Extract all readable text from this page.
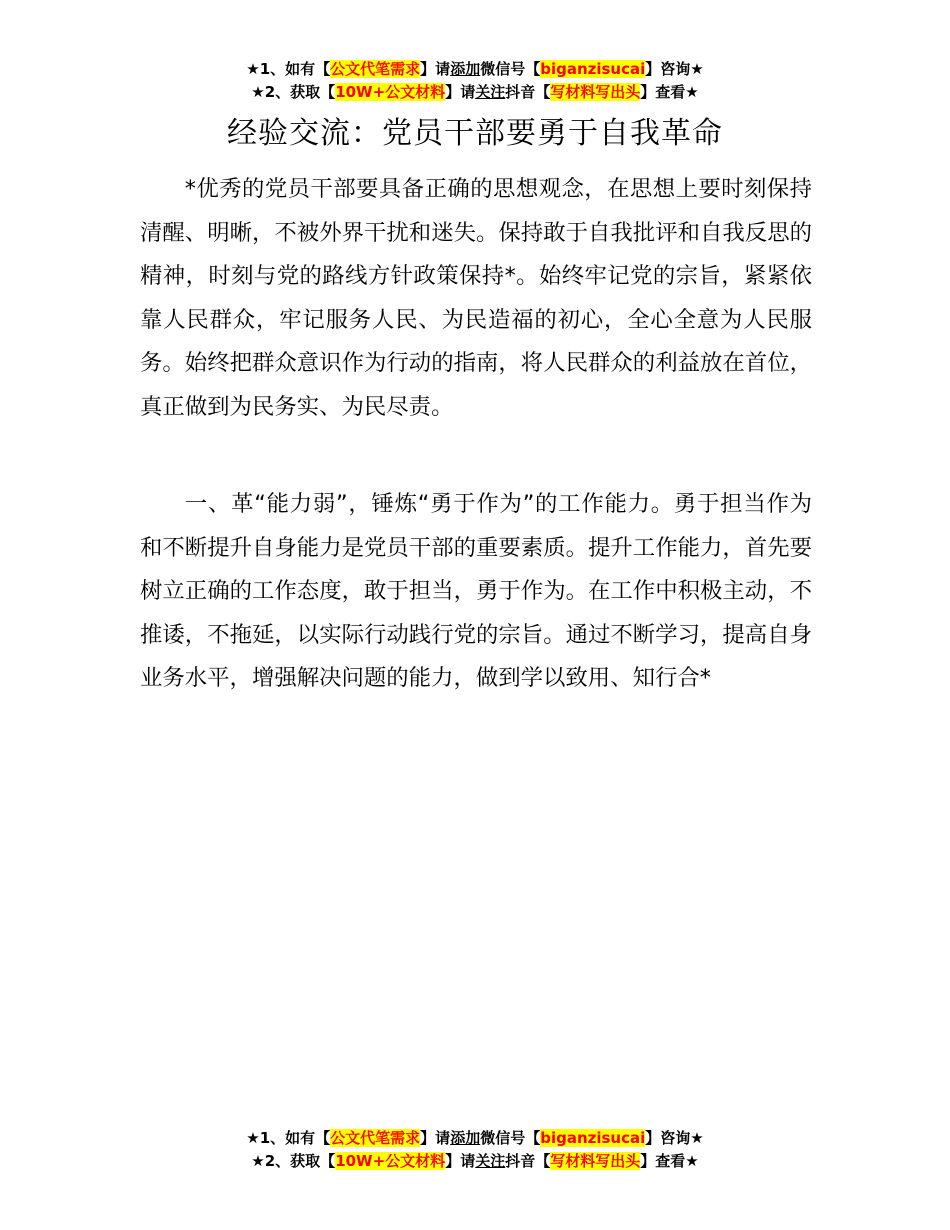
★1、如有【公文代笔需求】请添加微信号【biganzisucai】咨询★
★2、获取【10W+公文材料】请关注抖音【写材料写出头】查看★
经验交流：党员干部要勇于自我革命

*优秀的党员干部要具备正确的思想观念，在思想上要时刻保持清醒、明晰，不被外界干扰和迷失。保持敢于自我批评和自我反思的精神，时刻与党的路线方针政策保持*。始终牢记党的宗旨，紧紧依靠人民群众，牢记服务人民、为民造福的初心，全心全意为人民服务。始终把群众意识作为行动的指南，将人民群众的利益放在首位，真正做到为民务实、为民尽责。

一、革“能力弱”，锤炼“勇于作为”的工作能力。勇于担当作为和不断提升自身能力是党员干部的重要素质。提升工作能力，首先要树立正确的工作态度，敢于担当，勇于作为。在工作中积极主动，不推诿，不拖延，以实际行动践行党的宗旨。通过不断学习，提高自身业务水平，增强解决问题的能力，做到学以致用、知行合*

★1、如有【公文代笔需求】请添加微信号【biganzisucai】咨询★
★2、获取【10W+公文材料】请关注抖音【写材料写出头】查看★
